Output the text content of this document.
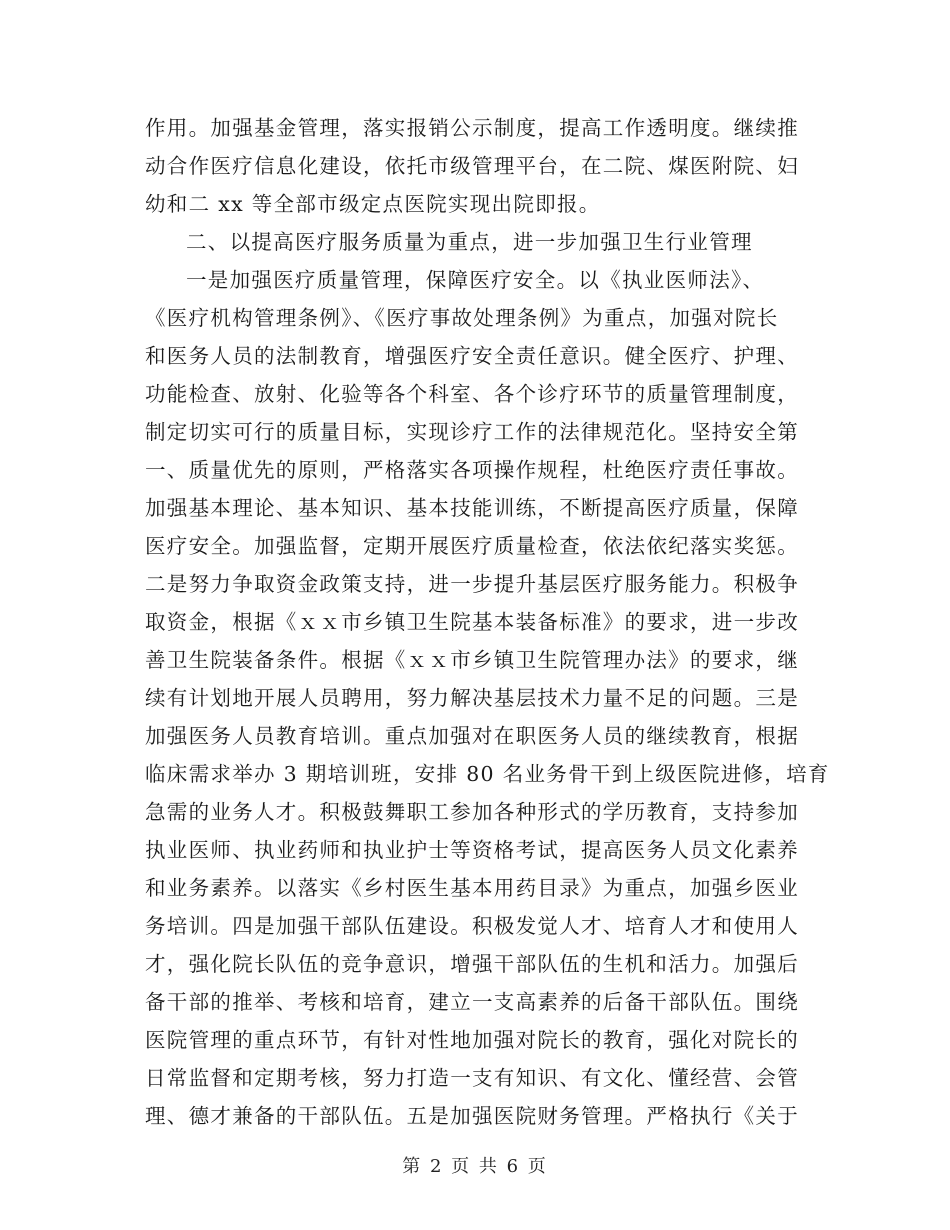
作用。加强基金管理，落实报销公示制度，提高工作透明度。继续推
动合作医疗信息化建设，依托市级管理平台，在二院、煤医附院、妇
幼和二 xx 等全部市级定点医院实现出院即报。
二、以提高医疗服务质量为重点，进一步加强卫生行业管理
一是加强医疗质量管理，保障医疗安全。以《执业医师法》、
《医疗机构管理条例》、《医疗事故处理条例》为重点，加强对院长
和医务人员的法制教育，增强医疗安全责任意识。健全医疗、护理、
功能检查、放射、化验等各个科室、各个诊疗环节的质量管理制度，
制定切实可行的质量目标，实现诊疗工作的法律规范化。坚持安全第
一、质量优先的原则，严格落实各项操作规程，杜绝医疗责任事故。
加强基本理论、基本知识、基本技能训练，不断提高医疗质量，保障
医疗安全。加强监督，定期开展医疗质量检查，依法依纪落实奖惩。
二是努力争取资金政策支持，进一步提升基层医疗服务能力。积极争
取资金，根据《ｘｘ市乡镇卫生院基本装备标准》的要求，进一步改
善卫生院装备条件。根据《ｘｘ市乡镇卫生院管理办法》的要求，继
续有计划地开展人员聘用，努力解决基层技术力量不足的问题。三是
加强医务人员教育培训。重点加强对在职医务人员的继续教育，根据
临床需求举办 3 期培训班，安排 80 名业务骨干到上级医院进修，培育
急需的业务人才。积极鼓舞职工参加各种形式的学历教育，支持参加
执业医师、执业药师和执业护士等资格考试，提高医务人员文化素养
和业务素养。以落实《乡村医生基本用药目录》为重点，加强乡医业
务培训。四是加强干部队伍建设。积极发觉人才、培育人才和使用人
才，强化院长队伍的竞争意识，增强干部队伍的生机和活力。加强后
备干部的推举、考核和培育，建立一支高素养的后备干部队伍。围绕
医院管理的重点环节，有针对性地加强对院长的教育，强化对院长的
日常监督和定期考核，努力打造一支有知识、有文化、懂经营、会管
理、德才兼备的干部队伍。五是加强医院财务管理。严格执行《关于
第 2 页 共 6 页
